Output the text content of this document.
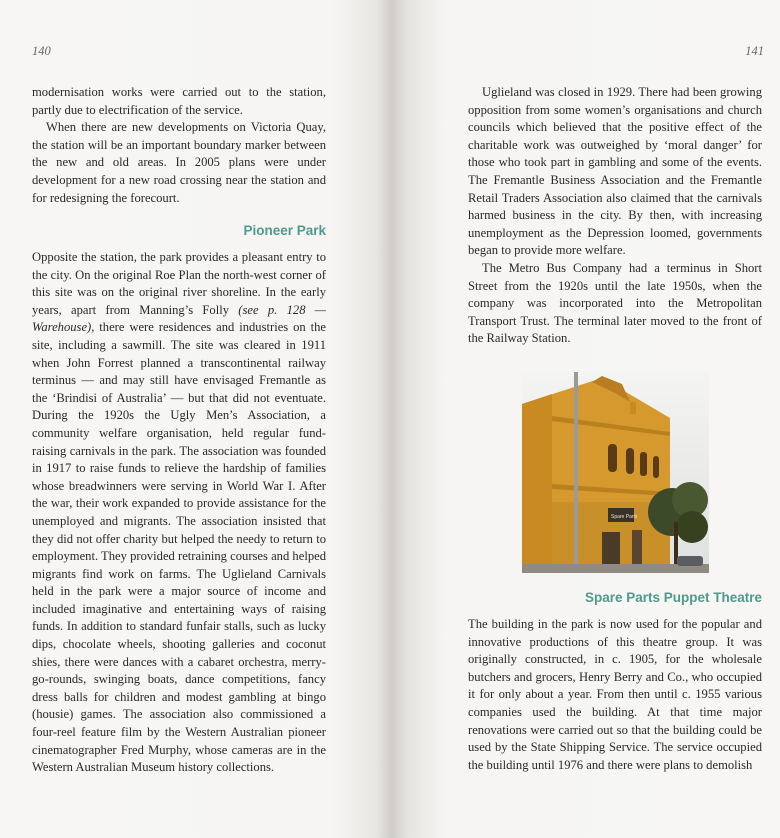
140

modernisation works were carried out to the station, partly due to electrification of the service.

When there are new developments on Victoria Quay, the station will be an important boundary marker between the new and old areas. In 2005 plans were under development for a new road crossing near the station and for redesigning the forecourt.

Pioneer Park

Opposite the station, the park provides a pleasant entry to the city. On the original Roe Plan the north-west corner of this site was on the original river shoreline. In the early years, apart from Manning’s Folly (see p. 128 — Warehouse), there were residences and industries on the site, including a sawmill. The site was cleared in 1911 when John Forrest planned a transcontinental railway terminus — and may still have envisaged Fremantle as the ‘Brindisi of Australia’ — but that did not eventuate. During the 1920s the Ugly Men’s Association, a community welfare organisation, held regular fund-raising carnivals in the park. The association was founded in 1917 to raise funds to relieve the hardship of families whose breadwinners were serving in World War I. After the war, their work expanded to provide assistance for the unemployed and migrants. The association insisted that they did not offer charity but helped the needy to return to employment. They provided retraining courses and helped migrants find work on farms. The Uglieland Carnivals held in the park were a major source of income and included imaginative and entertaining ways of raising funds. In addition to standard funfair stalls, such as lucky dips, chocolate wheels, shooting galleries and coconut shies, there were dances with a cabaret orchestra, merry-go-rounds, swinging boats, dance competitions, fancy dress balls for children and modest gambling at bingo (housie) games. The association also commissioned a four-reel feature film by the Western Australian pioneer cinematographer Fred Murphy, whose cameras are in the Western Australian Museum history collections.

141

Uglieland was closed in 1929. There had been growing opposition from some women’s organisations and church councils which believed that the positive effect of the charitable work was outweighed by ‘moral danger’ for those who took part in gambling and some of the events. The Fremantle Business Association and the Fremantle Retail Traders Association also claimed that the carnivals harmed business in the city. By then, with increasing unemployment as the Depression loomed, governments began to provide more welfare.

The Metro Bus Company had a terminus in Short Street from the 1920s until the late 1950s, when the company was incorporated into the Metropolitan Transport Trust. The terminal later moved to the front of the Railway Station.

Spare Parts
Spare Parts Puppet Theatre

The building in the park is now used for the popular and innovative productions of this theatre group. It was originally constructed, in c. 1905, for the wholesale butchers and grocers, Henry Berry and Co., who occupied it for only about a year. From then until c. 1955 various companies used the building. At that time major renovations were carried out so that the building could be used by the State Shipping Service. The service occupied the building until 1976 and there were plans to demolish
